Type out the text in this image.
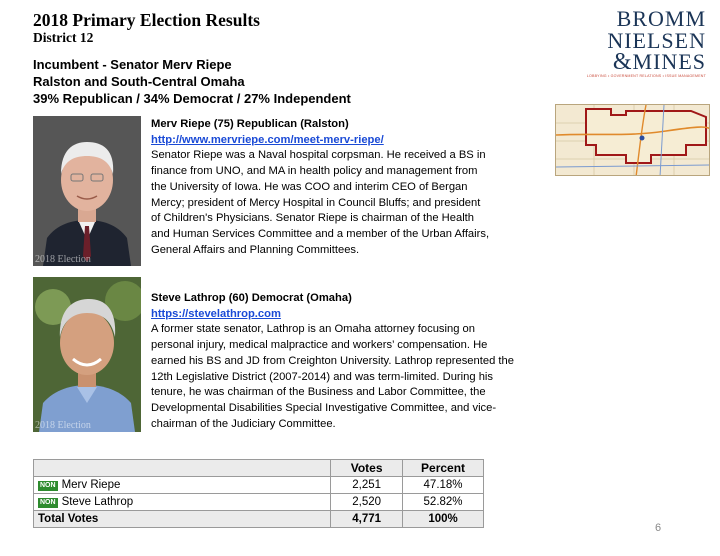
2018 Primary Election Results
District 12
BROMM
NIELSEN
&MINES
LOBBYING • GOVERNMENT RELATIONS • ISSUE MANAGEMENT
Incumbent - Senator Merv Riepe
Ralston and South-Central Omaha
39% Republican / 34% Democrat / 27% Independent
2018 Election
Merv Riepe (75) Republican (Ralston)
http://www.mervriepe.com/meet-merv-riepe/
Senator Riepe was a Naval hospital corpsman. He received a BS in finance from UNO, and MA in health policy and management from the University of Iowa. He was COO and interim CEO of Bergan Mercy; president of Mercy Hospital in Council Bluffs; and president of Children's Physicians. Senator Riepe is chairman of the Health and Human Services Committee and a member of the Urban Affairs, General Affairs and Planning Committees.
2018 Election
Steve Lathrop (60) Democrat (Omaha)
https://stevelathrop.com
A former state senator, Lathrop is an Omaha attorney focusing on personal injury, medical malpractice and workers’ compensation. He earned his BS and JD from Creighton University. Lathrop represented the 12th Legislative District (2007-2014) and was term-limited. During his tenure, he was chairman of the Business and Labor Committee, the Developmental Disabilities Special Investigative Committee, and vice-chairman of the Judiciary Committee.
	Votes	Percent
NON Merv Riepe	2,251	47.18%
NON Steve Lathrop	2,520	52.82%
Total Votes	4,771	100%
6
